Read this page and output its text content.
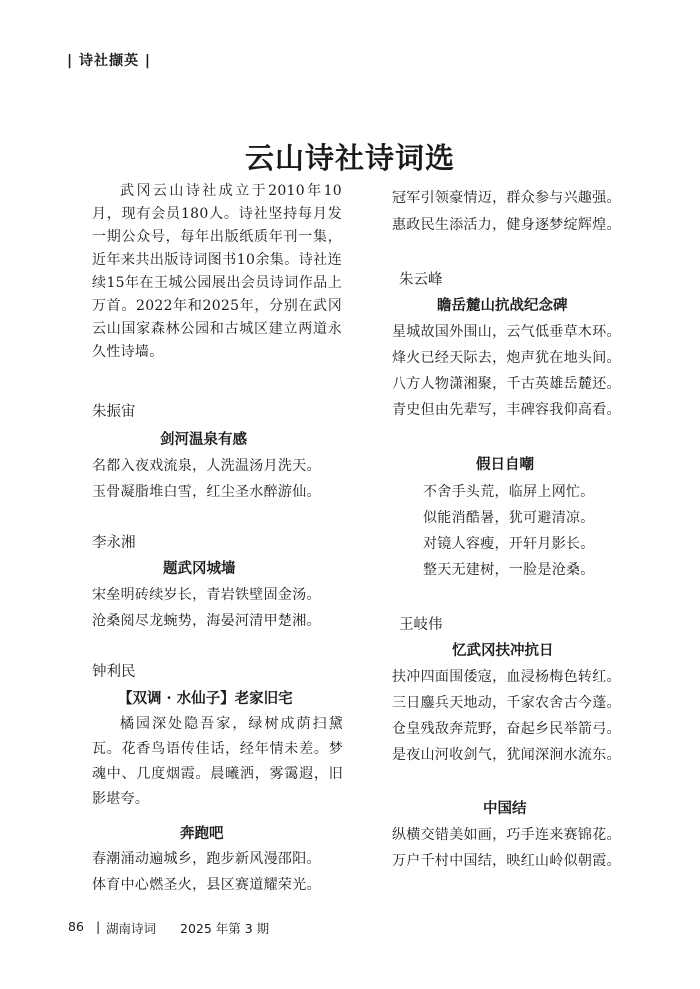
| 诗社撷英 |
云山诗社诗词选
武冈云山诗社成立于2010年10月，现有会员180人。诗社坚持每月发一期公众号，每年出版纸质年刊一集，近年来共出版诗词图书10余集。诗社连续15年在王城公园展出会员诗词作品上万首。2022年和2025年，分别在武冈云山国家森林公园和古城区建立两道永久性诗墙。
朱振宙
剑河温泉有感
名都入夜戏流泉，人洗温汤月洗天。
玉骨凝脂堆白雪，红尘圣水醉游仙。
李永湘
题武冈城墙
宋垒明砖续岁长，青岩铁壁固金汤。
沧桑阅尽龙蜿势，海晏河清甲楚湘。
钟利民
【双调 · 水仙子】老家旧宅
橘园深处隐吾家，绿树成荫扫黛瓦。花香鸟语传佳话，经年情未差。梦魂中、几度烟霞。晨曦洒，雾霭遐，旧影堪夸。
奔跑吧
春潮涌动遍城乡，跑步新风漫邵阳。
体育中心燃圣火，县区赛道耀荣光。
冠军引领豪情迈，群众参与兴趣强。
惠政民生添活力，健身逐梦绽辉煌。
朱云峰
瞻岳麓山抗战纪念碑
星城故国外围山，云气低垂草木环。
烽火已经天际去，炮声犹在地头间。
八方人物潇湘聚，千古英雄岳麓还。
青史但由先辈写，丰碑容我仰高看。
假日自嘲
不舍手头荒，临屏上网忙。
似能消酷暑，犹可避清凉。
对镜人容瘦，开轩月影长。
整天无建树，一脸是沧桑。
王岐伟
忆武冈扶冲抗日
扶冲四面围倭寇，血浸杨梅色转红。
三日鏖兵天地动，千家农舍古今蓬。
仓皇残敌奔荒野，奋起乡民举箭弓。
是夜山河收剑气，犹闻深涧水流东。
中国结
纵横交错美如画，巧手连来赛锦花。
万户千村中国结，映红山岭似朝霞。
86 | 湖南诗词 2025 年第 3 期
